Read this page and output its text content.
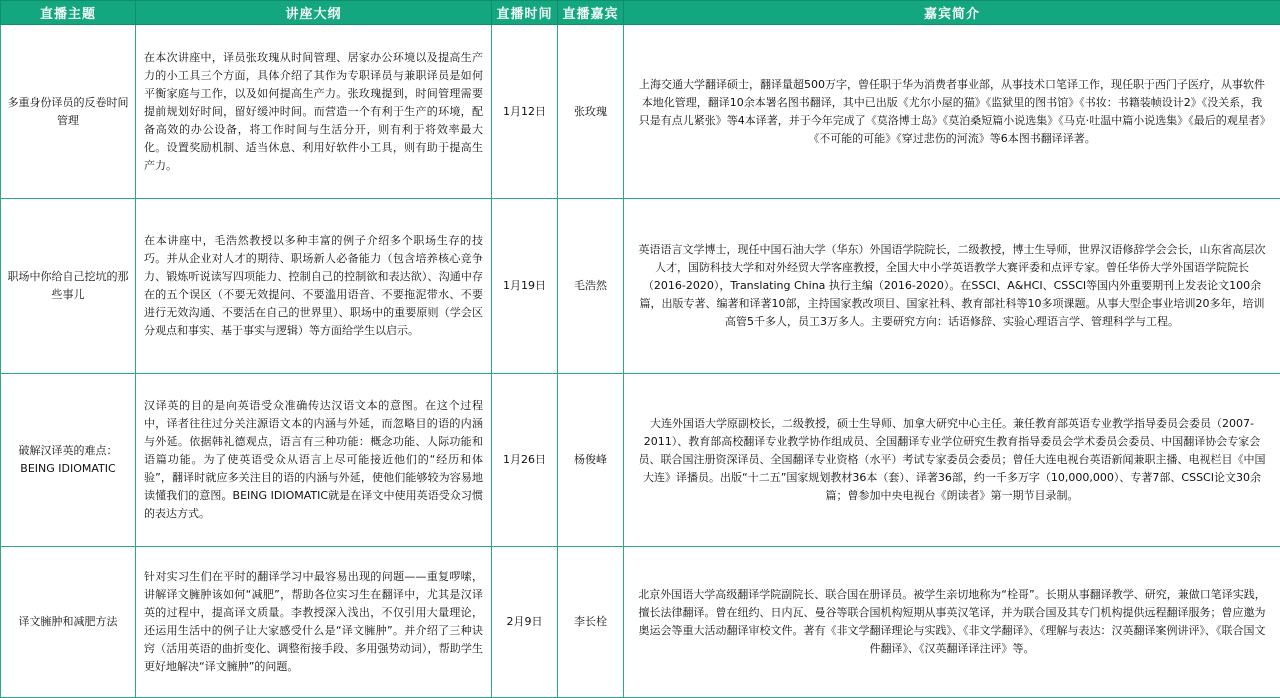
直播主题	讲座大纲	直播时间	直播嘉宾	嘉宾简介
多重身份译员的反卷时间管理	在本次讲座中，译员张玫瑰从时间管理、居家办公环境以及提高生产力的小工具三个方面，具体介绍了其作为专职译员与兼职译员是如何平衡家庭与工作，以及如何提高生产力。张玫瑰提到，时间管理需要提前规划好时间，留好缓冲时间。而营造一个有利于生产的环境，配备高效的办公设备，将工作时间与生活分开，则有利于将效率最大化。设置奖励机制、适当休息、利用好软件小工具，则有助于提高生产力。	1月12日	张玫瑰	上海交通大学翻译硕士，翻译量超500万字，曾任职于华为消费者事业部，从事技术口笔译工作，现任职于西门子医疗，从事软件本地化管理，翻译10余本署名图书翻译，其中已出版《尤尔小屋的猫》《监狱里的图书馆》《书妆：书籍装帧设计2》《没关系，我只是有点儿紧张》等4本译著，并于今年完成了《莫洛博士岛》《莫泊桑短篇小说选集》《马克·吐温中篇小说选集》《最后的观星者》《不可能的可能》《穿过悲伤的河流》等6本图书翻译译著。
职场中你给自己挖坑的那些事儿	在本讲座中，毛浩然教授以多种丰富的例子介绍多个职场生存的技巧。并从企业对人才的期待、职场新人必备能力（包含培养核心竞争力、锻炼听说读写四项能力、控制自己的控制欲和表达欲）、沟通中存在的五个误区（不要无效提问、不要滥用语音、不要拖泥带水、不要进行无效沟通、不要活在自己的世界里）、职场中的重要原则（学会区分观点和事实、基于事实与逻辑）等方面给学生以启示。	1月19日	毛浩然	英语语言文学博士，现任中国石油大学（华东）外国语学院院长，二级教授，博士生导师，世界汉语修辞学会会长，山东省高层次人才，国防科技大学和对外经贸大学客座教授，全国大中小学英语教学大赛评委和点评专家。曾任华侨大学外国语学院院长（2016-2020），Translating China 执行主编（2016-2020）。在SSCI、A&HCI、CSSCI等国内外重要期刊上发表论文100余篇，出版专著、编著和译著10部，主持国家教改项目、国家社科、教育部社科等10多项课题。从事大型企事业培训20多年，培训高管5千多人，员工3万多人。主要研究方向：话语修辞、实验心理语言学、管理科学与工程。
破解汉译英的难点：BEING IDIOMATIC	汉译英的目的是向英语受众准确传达汉语文本的意图。在这个过程中，译者往往过分关注源语文本的内涵与外延，而忽略目的语的内涵与外延。依据韩礼德观点，语言有三种功能：概念功能、人际功能和语篇功能。为了使英语受众从语言上尽可能接近他们的“经历和体验”，翻译时就应多关注目的语的内涵与外延，使他们能够较为容易地读懂我们的意图。BEING IDIOMATIC就是在译文中使用英语受众习惯的表达方式。	1月26日	杨俊峰	大连外国语大学原副校长，二级教授，硕士生导师、加拿大研究中心主任。兼任教育部英语专业教学指导委员会委员（2007-2011）、教育部高校翻译专业教学协作组成员、全国翻译专业学位研究生教育指导委员会学术委员会委员、中国翻译协会专家会员、联合国注册资深译员、全国翻译专业资格（水平）考试专家委员会委员；曾任大连电视台英语新闻兼职主播、电视栏目《中国大连》译播员。出版“十二五”国家规划教材36本（套）、译著36部，约一千多万字（10,000,000）、专著7部、CSSCI论文30余篇；曾参加中央电视台《朗读者》第一期节目录制。
译文臃肿和减肥方法	针对实习生们在平时的翻译学习中最容易出现的问题——重复啰嗦，讲解译文臃肿该如何“减肥”，帮助各位实习生在翻译中，尤其是汉译英的过程中，提高译文质量。李教授深入浅出，不仅引用大量理论，还运用生活中的例子让大家感受什么是“译文臃肿”。并介绍了三种诀窍（活用英语的曲折变化、调整衔接手段、多用强势动词），帮助学生更好地解决“译文臃肿”的问题。	2月9日	李长栓	北京外国语大学高级翻译学院副院长、联合国在册译员。被学生亲切地称为“栓哥”。长期从事翻译教学、研究，兼做口笔译实践，擅长法律翻译。曾在纽约、日内瓦、曼谷等联合国机构短期从事英汉笔译，并为联合国及其专门机构提供远程翻译服务；曾应邀为奥运会等重大活动翻译审校文件。著有《非文学翻译理论与实践》、《非文学翻译》、《理解与表达：汉英翻译案例讲评》、《联合国文件翻译》、《汉英翻译译注评》等。
